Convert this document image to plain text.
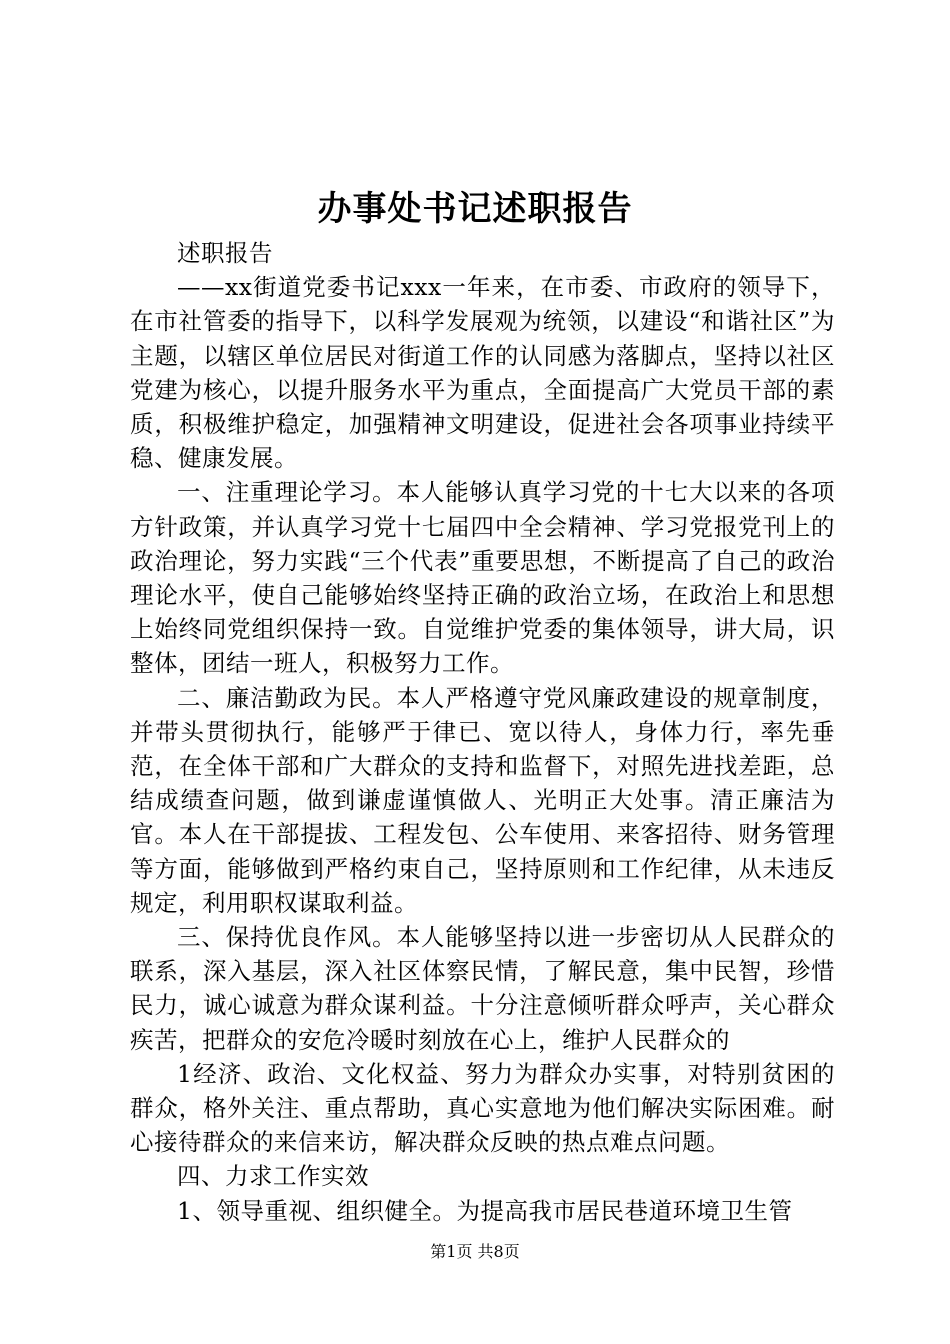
办事处书记述职报告

述职报告

——xx街道党委书记xxx一年来，在市委、市政府的领导下，在市社管委的指导下，以科学发展观为统领，以建设“和谐社区”为主题，以辖区单位居民对街道工作的认同感为落脚点，坚持以社区党建为核心，以提升服务水平为重点，全面提高广大党员干部的素质，积极维护稳定，加强精神文明建设，促进社会各项事业持续平稳、健康发展。

一、注重理论学习。本人能够认真学习党的十七大以来的各项方针政策，并认真学习党十七届四中全会精神、学习党报党刊上的政治理论，努力实践“三个代表”重要思想，不断提高了自己的政治理论水平，使自己能够始终坚持正确的政治立场，在政治上和思想上始终同党组织保持一致。自觉维护党委的集体领导，讲大局，识整体，团结一班人，积极努力工作。

二、廉洁勤政为民。本人严格遵守党风廉政建设的规章制度，并带头贯彻执行，能够严于律已、宽以待人，身体力行，率先垂范，在全体干部和广大群众的支持和监督下，对照先进找差距，总结成绩查问题，做到谦虚谨慎做人、光明正大处事。清正廉洁为官。本人在干部提拔、工程发包、公车使用、来客招待、财务管理等方面，能够做到严格约束自己，坚持原则和工作纪律，从未违反规定，利用职权谋取利益。

三、保持优良作风。本人能够坚持以进一步密切从人民群众的联系，深入基层，深入社区体察民情，了解民意，集中民智，珍惜民力，诚心诚意为群众谋利益。十分注意倾听群众呼声，关心群众疾苦，把群众的安危冷暖时刻放在心上，维护人民群众的

1经济、政治、文化权益、努力为群众办实事，对特别贫困的群众，格外关注、重点帮助，真心实意地为他们解决实际困难。耐心接待群众的来信来访，解决群众反映的热点难点问题。

四、力求工作实效

1、领导重视、组织健全。为提高我市居民巷道环境卫生管

第1页 共8页
